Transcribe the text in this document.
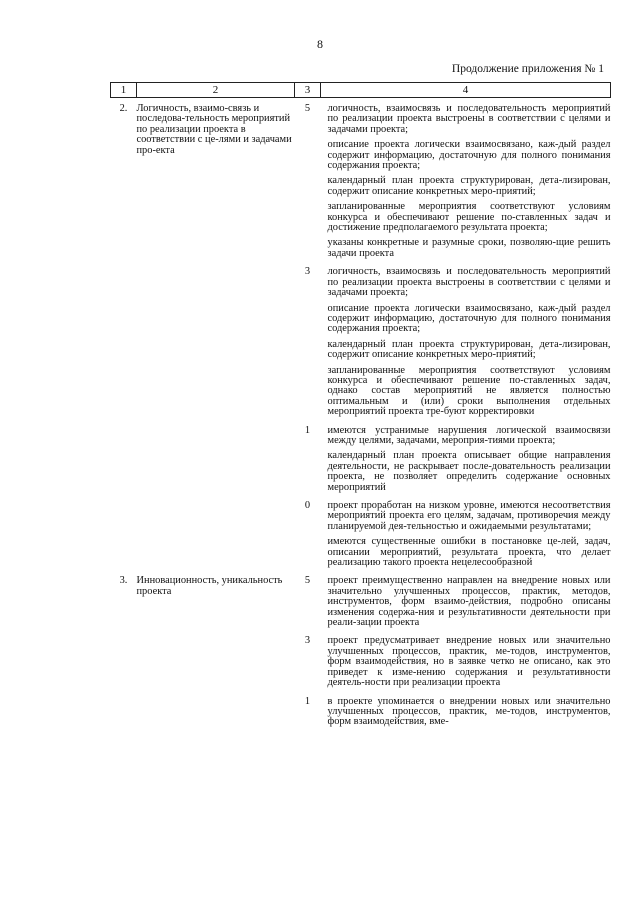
8
Продолжение приложения № 1
1	2	3	4
2.	Логичность, взаимо-связь и последова-тельность мероприятий по реализации проекта в соответствии с це-лями и задачами про-екта	5	логичность, взаимосвязь и последовательность мероприятий по реализации проекта выстроены в соответствии с целями и задачами проекта;

описание проекта логически взаимосвязано, каж-дый раздел содержит информацию, достаточную для полного понимания содержания проекта;

календарный план проекта структурирован, дета-лизирован, содержит описание конкретных меро-приятий;

запланированные мероприятия соответствуют условиям конкурса и обеспечивают решение по-ставленных задач и достижение предполагаемого результата проекта;

указаны конкретные и разумные сроки, позволяю-щие решить задачи проекта

		3	логичность, взаимосвязь и последовательность мероприятий по реализации проекта выстроены в соответствии с целями и задачами проекта;

описание проекта логически взаимосвязано, каж-дый раздел содержит информацию, достаточную для полного понимания содержания проекта;

календарный план проекта структурирован, дета-лизирован, содержит описание конкретных меро-приятий;

запланированные мероприятия соответствуют условиям конкурса и обеспечивают решение по-ставленных задач, однако состав мероприятий не является полностью оптимальным и (или) сроки выполнения отдельных мероприятий проекта тре-буют корректировки

		1	имеются устранимые нарушения логической взаимосвязи между целями, задачами, мероприя-тиями проекта;

календарный план проекта описывает общие направления деятельности, не раскрывает после-довательность реализации проекта, не позволяет определить содержание основных мероприятий

		0	проект проработан на низком уровне, имеются несоответствия мероприятий проекта его целям, задачам, противоречия между планируемой дея-тельностью и ожидаемыми результатами;

имеются существенные ошибки в постановке це-лей, задач, описании мероприятий, результата проекта, что делает реализацию такого проекта нецелесообразной

3.	Инновационность, уникальность проекта	5	проект преимущественно направлен на внедрение новых или значительно улучшенных процессов, практик, методов, инструментов, форм взаимо-действия, подробно описаны изменения содержа-ния и результативности деятельности при реали-зации проекта

		3	проект предусматривает внедрение новых или значительно улучшенных процессов, практик, ме-тодов, инструментов, форм взаимодействия, но в заявке четко не описано, как это приведет к изме-нению содержания и результативности деятель-ности при реализации проекта

		1	в проекте упоминается о внедрении новых или значительно улучшенных процессов, практик, ме-тодов, инструментов, форм взаимодействия, вме-
